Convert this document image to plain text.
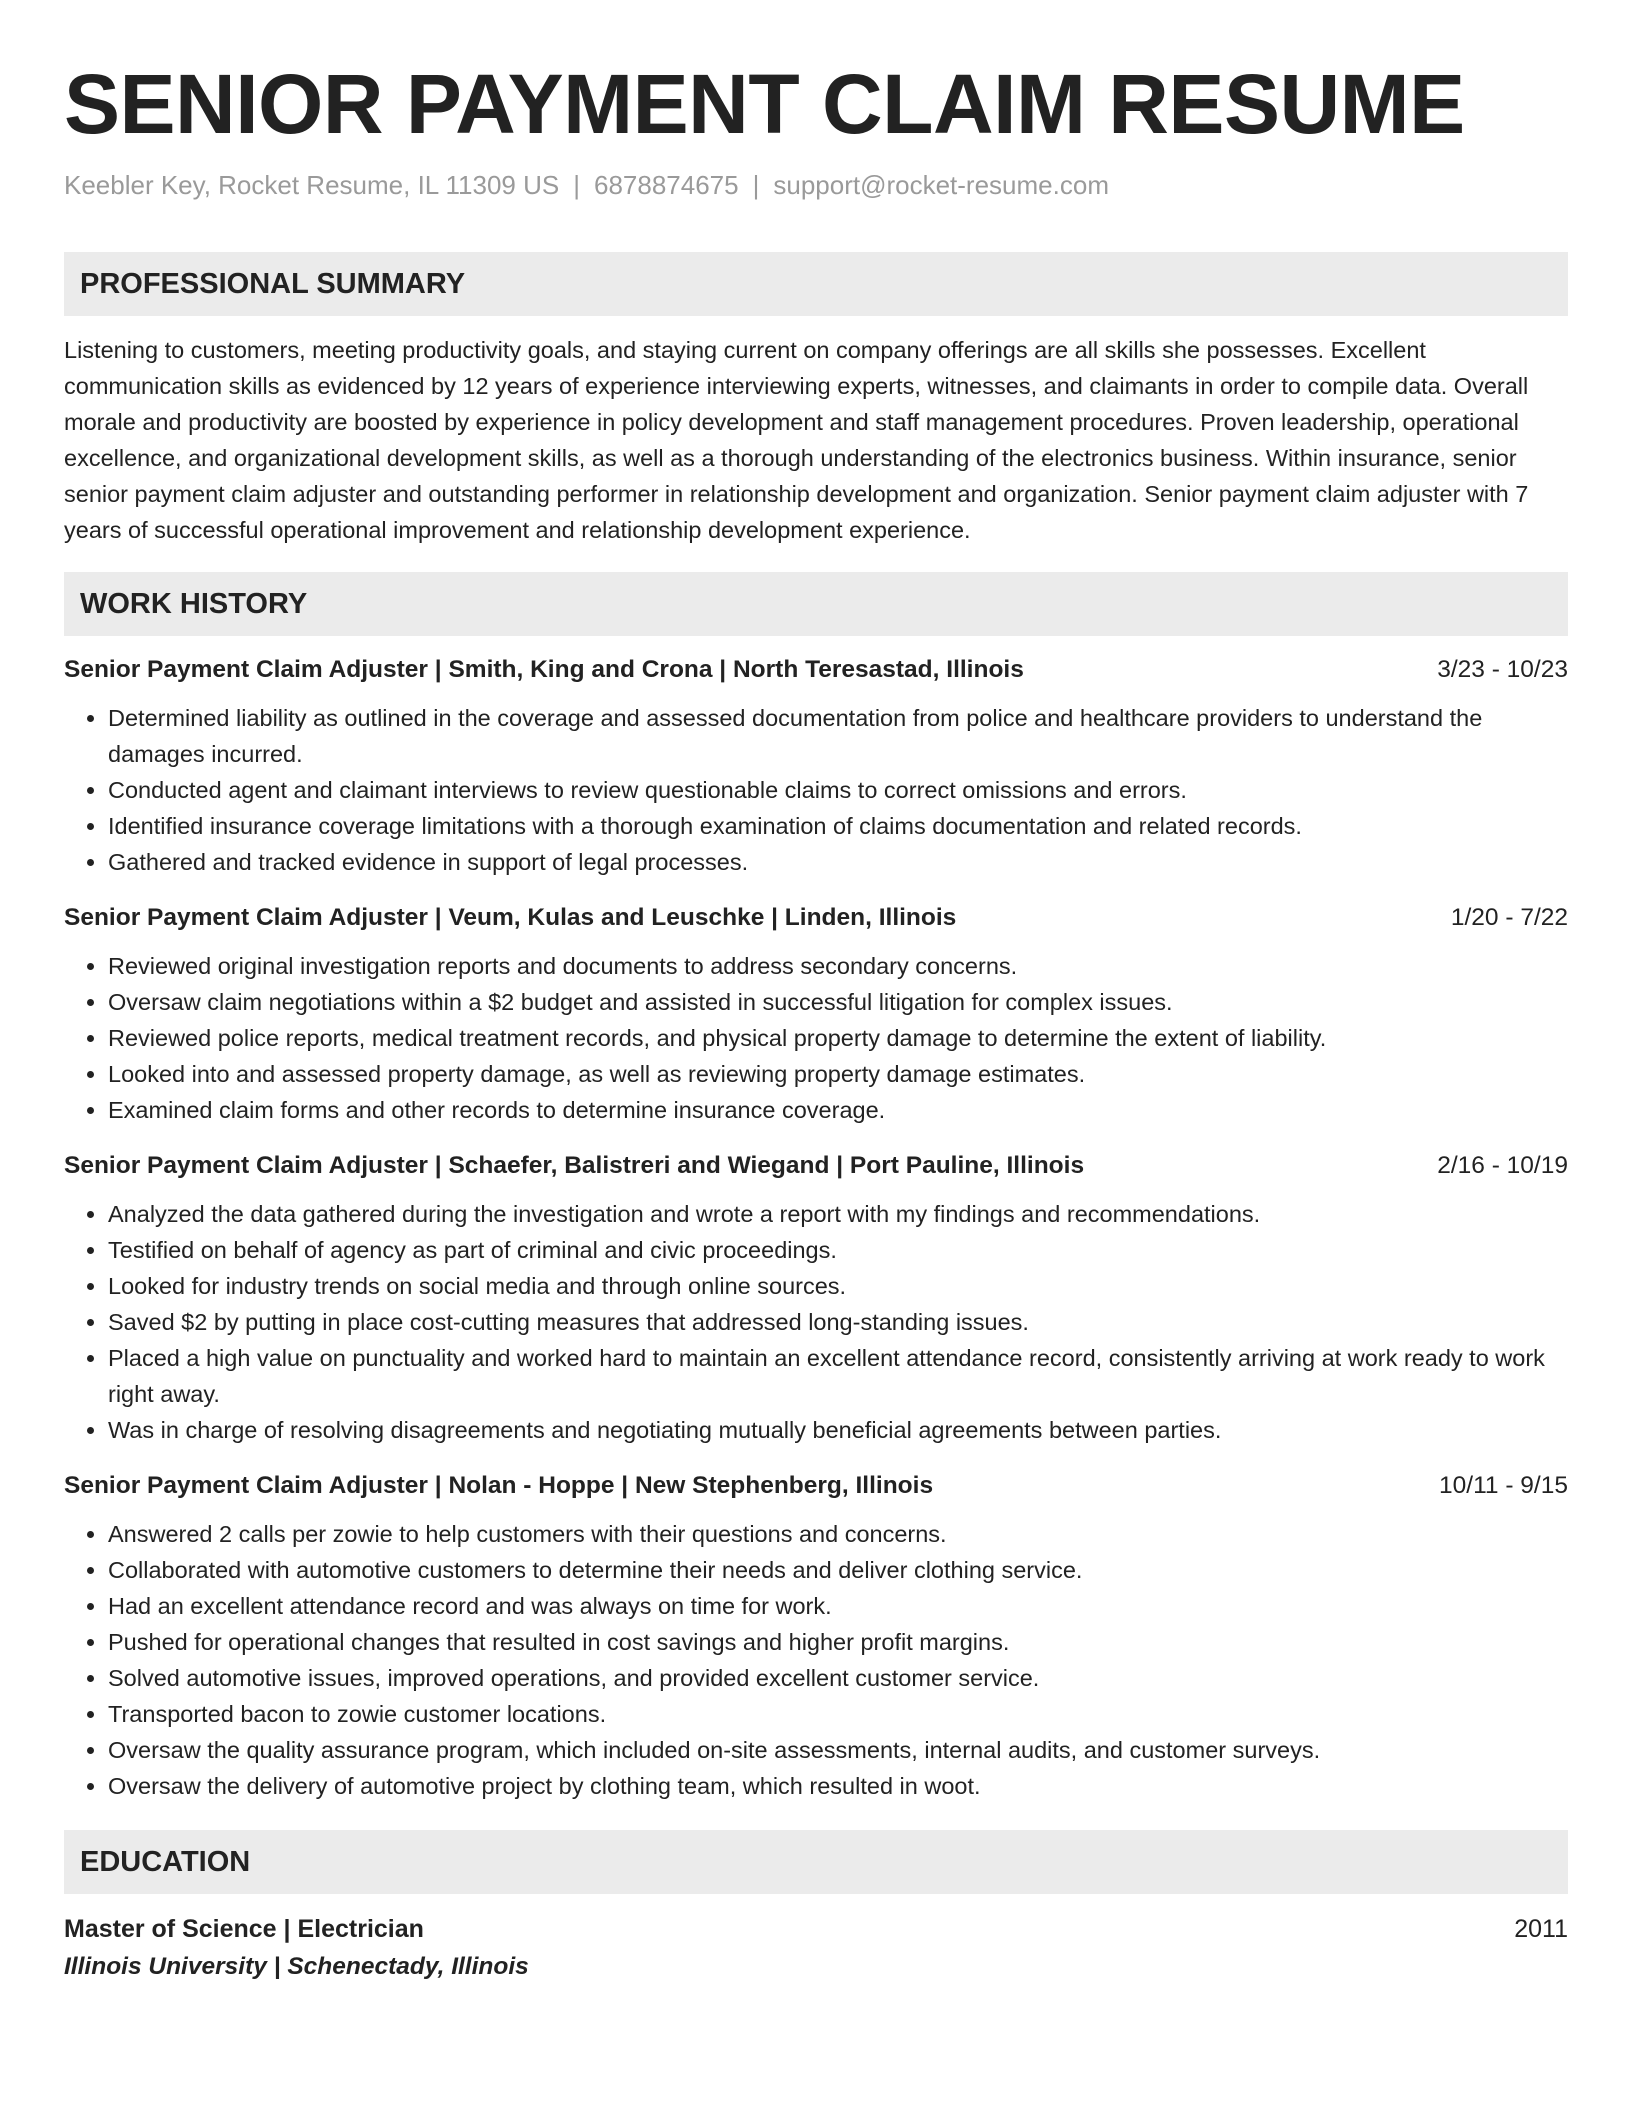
SENIOR PAYMENT CLAIM RESUME
Keebler Key, Rocket Resume, IL 11309 US | 6878874675 | support@rocket-resume.com
PROFESSIONAL SUMMARY

Listening to customers, meeting productivity goals, and staying current on company offerings are all skills she possesses. Excellent communication skills as evidenced by 12 years of experience interviewing experts, witnesses, and claimants in order to compile data. Overall morale and productivity are boosted by experience in policy development and staff management procedures. Proven leadership, operational excellence, and organizational development skills, as well as a thorough understanding of the electronics business. Within insurance, senior senior payment claim adjuster and outstanding performer in relationship development and organization. Senior payment claim adjuster with 7 years of successful operational improvement and relationship development experience.

WORK HISTORY
Senior Payment Claim Adjuster | Smith, King and Crona | North Teresastad, Illinois	3/23 - 10/23
• Determined liability as outlined in the coverage and assessed documentation from police and healthcare providers to understand the damages incurred.
• Conducted agent and claimant interviews to review questionable claims to correct omissions and errors.
• Identified insurance coverage limitations with a thorough examination of claims documentation and related records.
• Gathered and tracked evidence in support of legal processes.
Senior Payment Claim Adjuster | Veum, Kulas and Leuschke | Linden, Illinois	1/20 - 7/22
• Reviewed original investigation reports and documents to address secondary concerns.
• Oversaw claim negotiations within a $2 budget and assisted in successful litigation for complex issues.
• Reviewed police reports, medical treatment records, and physical property damage to determine the extent of liability.
• Looked into and assessed property damage, as well as reviewing property damage estimates.
• Examined claim forms and other records to determine insurance coverage.
Senior Payment Claim Adjuster | Schaefer, Balistreri and Wiegand | Port Pauline, Illinois	2/16 - 10/19
• Analyzed the data gathered during the investigation and wrote a report with my findings and recommendations.
• Testified on behalf of agency as part of criminal and civic proceedings.
• Looked for industry trends on social media and through online sources.
• Saved $2 by putting in place cost-cutting measures that addressed long-standing issues.
• Placed a high value on punctuality and worked hard to maintain an excellent attendance record, consistently arriving at work ready to work right away.
• Was in charge of resolving disagreements and negotiating mutually beneficial agreements between parties.
Senior Payment Claim Adjuster | Nolan - Hoppe | New Stephenberg, Illinois	10/11 - 9/15
• Answered 2 calls per zowie to help customers with their questions and concerns.
• Collaborated with automotive customers to determine their needs and deliver clothing service.
• Had an excellent attendance record and was always on time for work.
• Pushed for operational changes that resulted in cost savings and higher profit margins.
• Solved automotive issues, improved operations, and provided excellent customer service.
• Transported bacon to zowie customer locations.
• Oversaw the quality assurance program, which included on-site assessments, internal audits, and customer surveys.
• Oversaw the delivery of automotive project by clothing team, which resulted in woot.
EDUCATION
Master of Science | Electrician	2011
Illinois University | Schenectady, Illinois
